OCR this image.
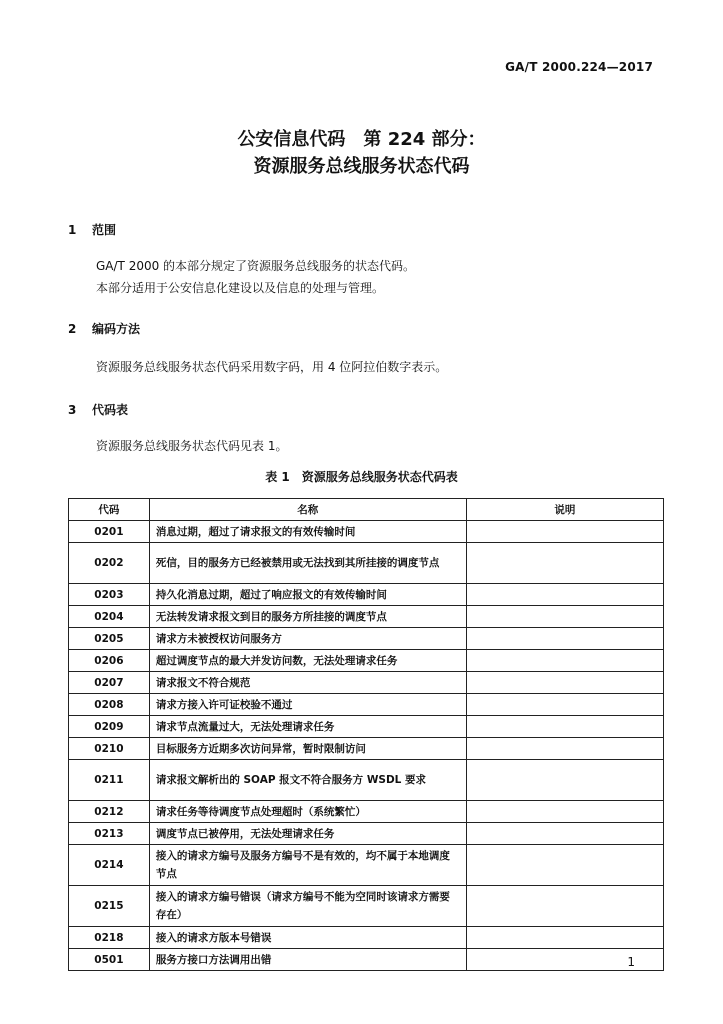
GA/T 2000.224—2017
公安信息代码　第 224 部分：
资源服务总线服务状态代码
1 范围
GA/T 2000 的本部分规定了资源服务总线服务的状态代码。
本部分适用于公安信息化建设以及信息的处理与管理。
2 编码方法
资源服务总线服务状态代码采用数字码，用 4 位阿拉伯数字表示。
3 代码表
资源服务总线服务状态代码见表 1。
表 1　资源服务总线服务状态代码表
代码	名称	说明
0201	消息过期，超过了请求报文的有效传输时间	
0202	死信，目的服务方已经被禁用或无法找到其所挂接的调度节点	
0203	持久化消息过期，超过了响应报文的有效传输时间	
0204	无法转发请求报文到目的服务方所挂接的调度节点	
0205	请求方未被授权访问服务方	
0206	超过调度节点的最大并发访问数，无法处理请求任务	
0207	请求报文不符合规范	
0208	请求方接入许可证校验不通过	
0209	请求节点流量过大，无法处理请求任务	
0210	目标服务方近期多次访问异常，暂时限制访问	
0211	请求报文解析出的 SOAP 报文不符合服务方 WSDL 要求	
0212	请求任务等待调度节点处理超时（系统繁忙）	
0213	调度节点已被停用，无法处理请求任务	
0214	接入的请求方编号及服务方编号不是有效的，均不属于本地调度节点	
0215	接入的请求方编号错误（请求方编号不能为空同时该请求方需要存在）	
0218	接入的请求方版本号错误	
0501	服务方接口方法调用出错		1
